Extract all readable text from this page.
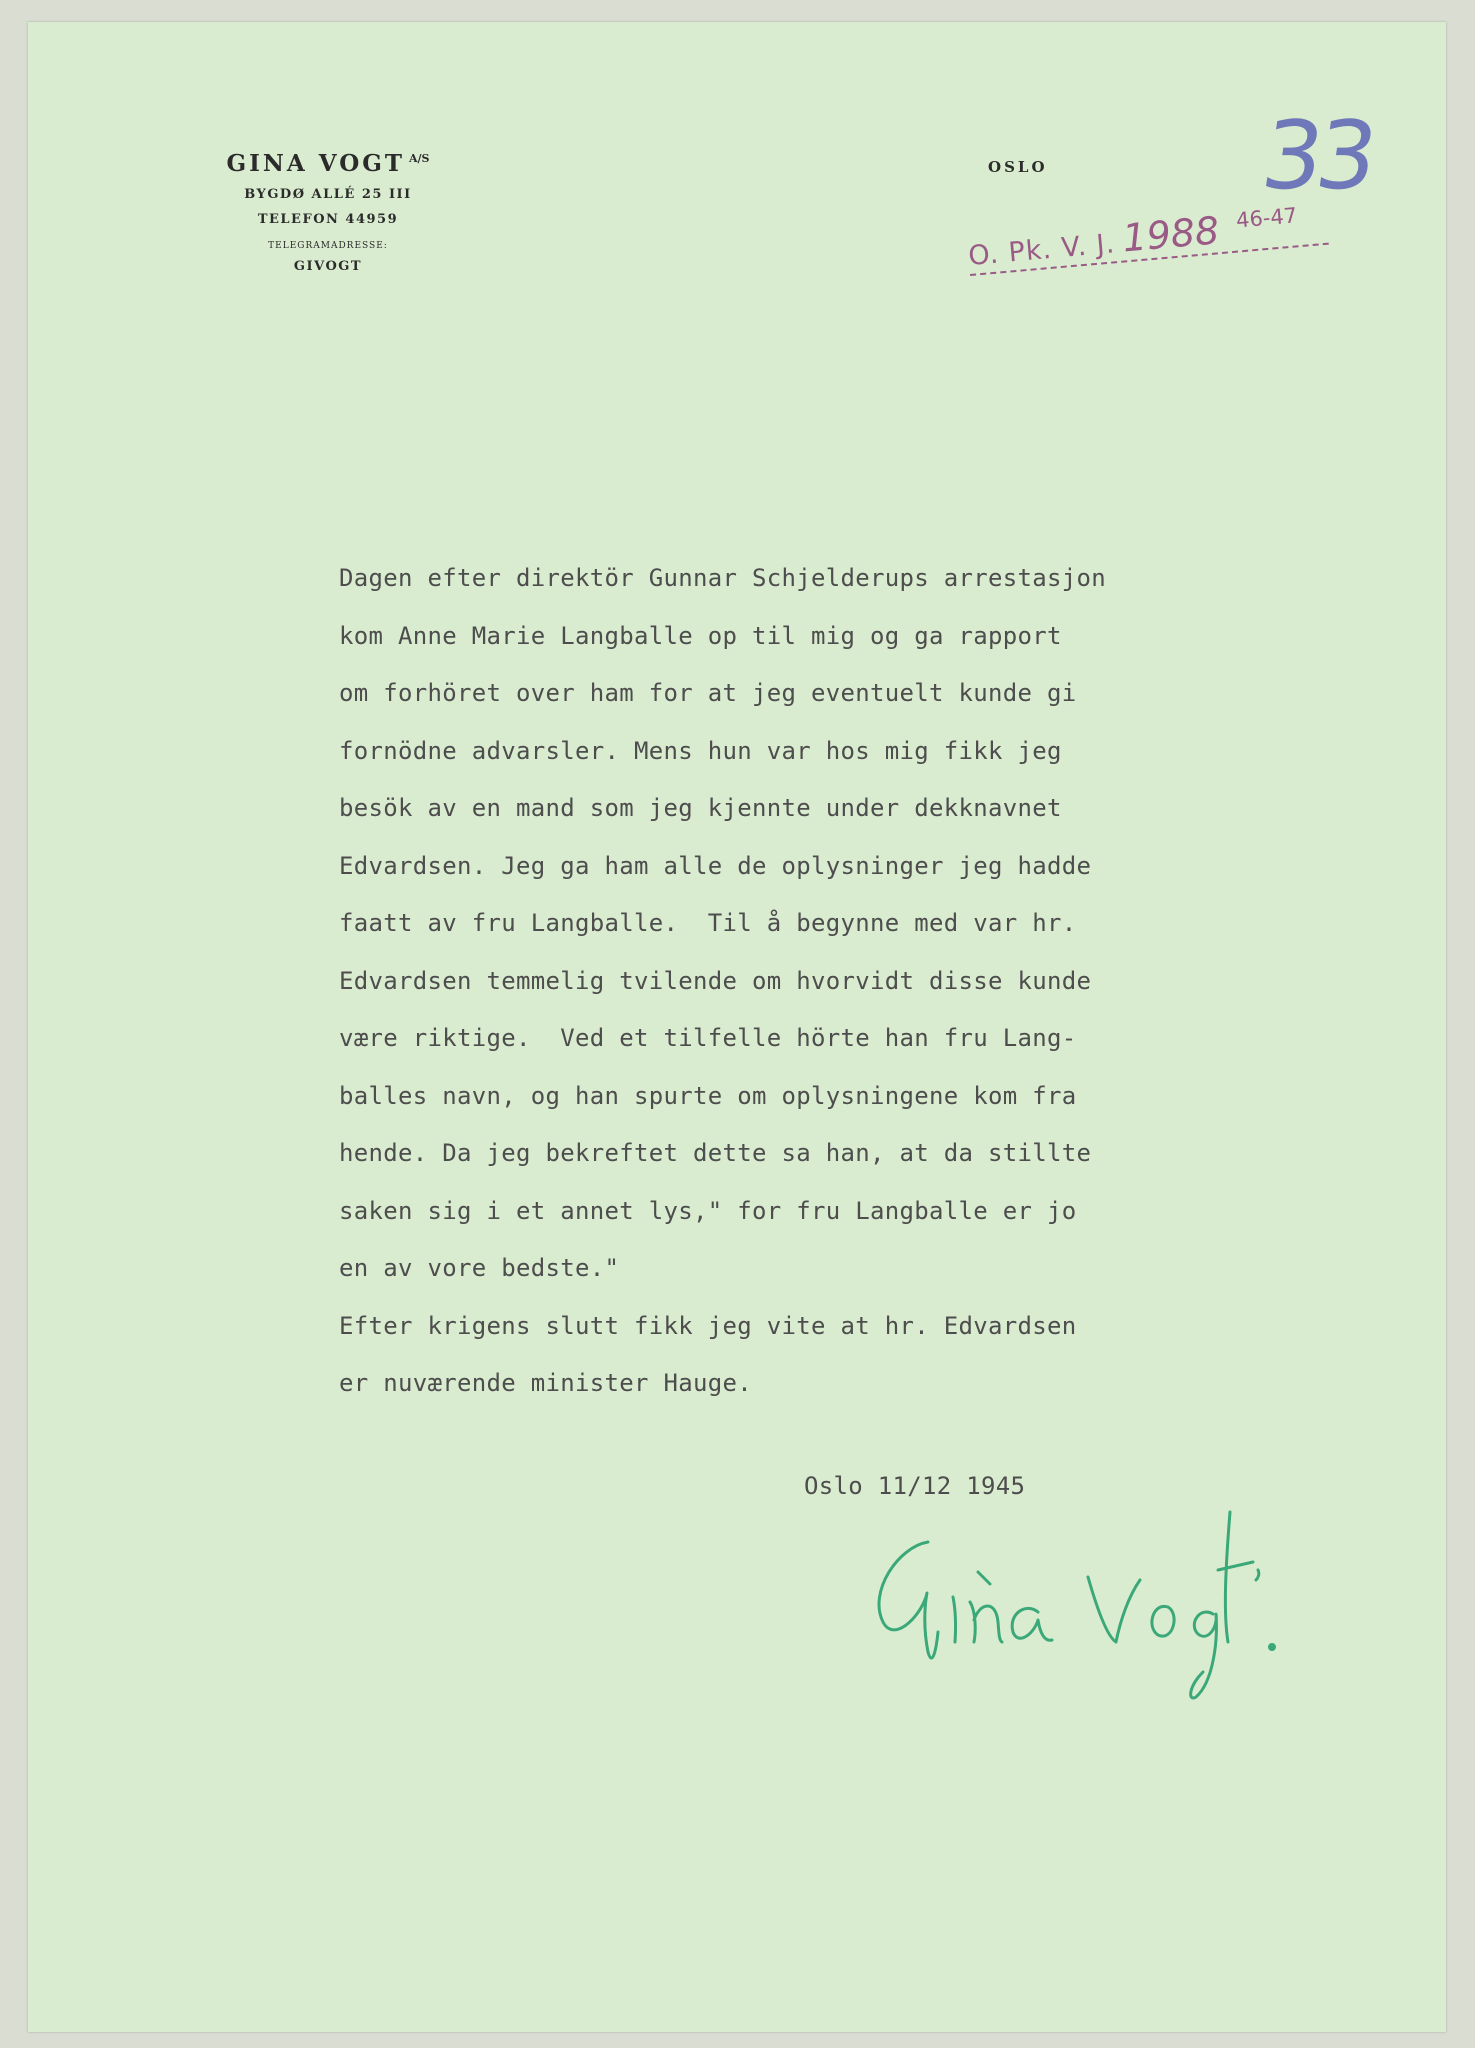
GINA VOGT $^{A/S}$
BYGDØ ALLÉ 25 III
TELEFON 44959
TELEGRAMADRESSE:
GIVOGT
OSLO 33
O. Pk. V. J. 1988 46-47
Dagen efter direktör Gunnar Schjelderups arrestasjon
kom Anne Marie Langballe op til mig og ga rapport
om forhöret over ham for at jeg eventuelt kunde gi
fornödne advarsler. Mens hun var hos mig fikk jeg
besök av en mand som jeg kjennte under dekknavnet
Edvardsen. Jeg ga ham alle de oplysninger jeg hadde
faatt av fru Langballe.  Til å begynne med var hr.
Edvardsen temmelig tvilende om hvorvidt disse kunde
være riktige.  Ved et tilfelle hörte han fru Lang-
balles navn, og han spurte om oplysningene kom fra
hende. Da jeg bekreftet dette sa han, at da stillte
saken sig i et annet lys," for fru Langballe er jo
en av vore bedste."
Efter krigens slutt fikk jeg vite at hr. Edvardsen
er nuværende minister Hauge.
Oslo 11/12 1945
